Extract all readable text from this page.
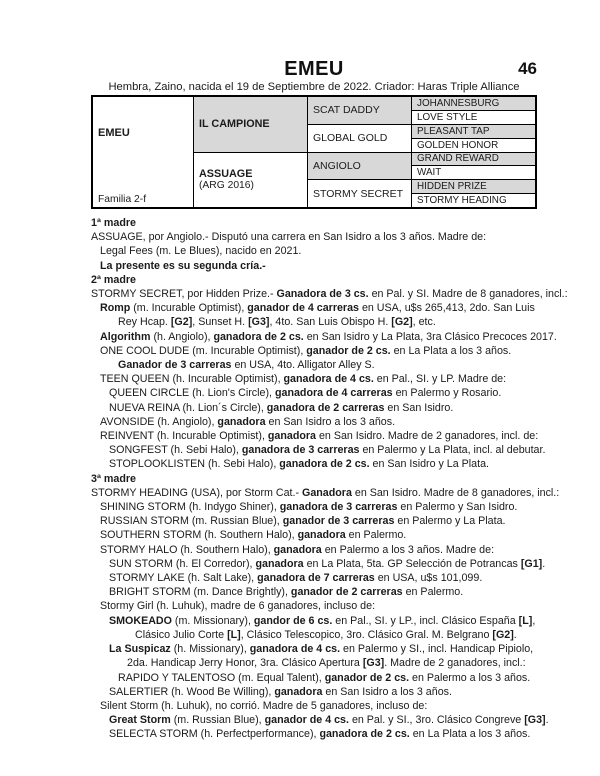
EMEU	46
Hembra, Zaino, nacida el 19 de Septiembre de 2022. Criador: Haras Triple Alliance
EMEU
Familia 2-f
IL CAMPIONE
ASSUAGE
(ARG 2016)
SCAT DADDY
GLOBAL GOLD
ANGIOLO
STORMY SECRET
JOHANNESBURG
LOVE STYLE
PLEASANT TAP
GOLDEN HONOR
GRAND REWARD
WAIT
HIDDEN PRIZE
STORMY HEADING
1ª madre
ASSUAGE, por Angiolo.- Disputó una carrera en San Isidro a los 3 años. Madre de:
Legal Fees (m. Le Blues), nacido en 2021.
La presente es su segunda cría.-
2ª madre
STORMY SECRET, por Hidden Prize.- Ganadora de 3 cs. en Pal. y SI. Madre de 8 ganadores, incl.:
Romp (m. Incurable Optimist), ganador de 4 carreras en USA, u$s 265,413, 2do. San Luis
Rey Hcap. [G2], Sunset H. [G3], 4to. San Luis Obispo H. [G2], etc.
Algorithm (h. Angiolo), ganadora de 2 cs. en San Isidro y La Plata, 3ra Clásico Precoces 2017.
ONE COOL DUDE (m. Incurable Optimist), ganador de 2 cs. en La Plata a los 3 años.
Ganador de 3 carreras en USA, 4to. Alligator Alley S.
TEEN QUEEN (h. Incurable Optimist), ganadora de 4 cs. en Pal., SI. y LP. Madre de:
QUEEN CIRCLE (h. Lion's Circle), ganadora de 4 carreras en Palermo y Rosario.
NUEVA REINA (h. Lion´s Circle), ganadora de 2 carreras en San Isidro.
AVONSIDE (h. Angiolo), ganadora en San Isidro a los 3 años.
REINVENT (h. Incurable Optimist), ganadora en San Isidro. Madre de 2 ganadores, incl. de:
SONGFEST (h. Sebi Halo), ganadora de 3 carreras en Palermo y La Plata, incl. al debutar.
STOPLOOKLISTEN (h. Sebi Halo), ganadora de 2 cs. en San Isidro y La Plata.
3ª madre
STORMY HEADING (USA), por Storm Cat.- Ganadora en San Isidro. Madre de 8 ganadores, incl.:
SHINING STORM (h. Indygo Shiner), ganadora de 3 carreras en Palermo y San Isidro.
RUSSIAN STORM (m. Russian Blue), ganador de 3 carreras en Palermo y La Plata.
SOUTHERN STORM (h. Southern Halo), ganadora en Palermo.
STORMY HALO (h. Southern Halo), ganadora en Palermo a los 3 años. Madre de:
SUN STORM (h. El Corredor), ganadora en La Plata, 5ta. GP Selección de Potrancas [G1].
STORMY LAKE (h. Salt Lake), ganadora de 7 carreras en USA, u$s 101,099.
BRIGHT STORM (m. Dance Brightly), ganador de 2 carreras en Palermo.
Stormy Girl (h. Luhuk), madre de 6 ganadores, incluso de:
SMOKEADO (m. Missionary), gandor de 6 cs. en Pal., SI. y LP., incl. Clásico España [L],
Clásico Julio Corte [L], Clásico Telescopico, 3ro. Clásico Gral. M. Belgrano [G2].
La Suspicaz (h. Missionary), ganadora de 4 cs. en Palermo y SI., incl. Handicap Pipiolo,
2da. Handicap Jerry Honor, 3ra. Clásico Apertura [G3]. Madre de 2 ganadores, incl.:
RAPIDO Y TALENTOSO (m. Equal Talent), ganador de 2 cs. en Palermo a los 3 años.
SALERTIER (h. Wood Be Willing), ganadora en San Isidro a los 3 años.
Silent Storm (h. Luhuk), no corrió. Madre de 5 ganadores, incluso de:
Great Storm (m. Russian Blue), ganador de 4 cs. en Pal. y SI., 3ro. Clásico Congreve [G3].
SELECTA STORM (h. Perfectperformance), ganadora de 2 cs. en La Plata a los 3 años.
